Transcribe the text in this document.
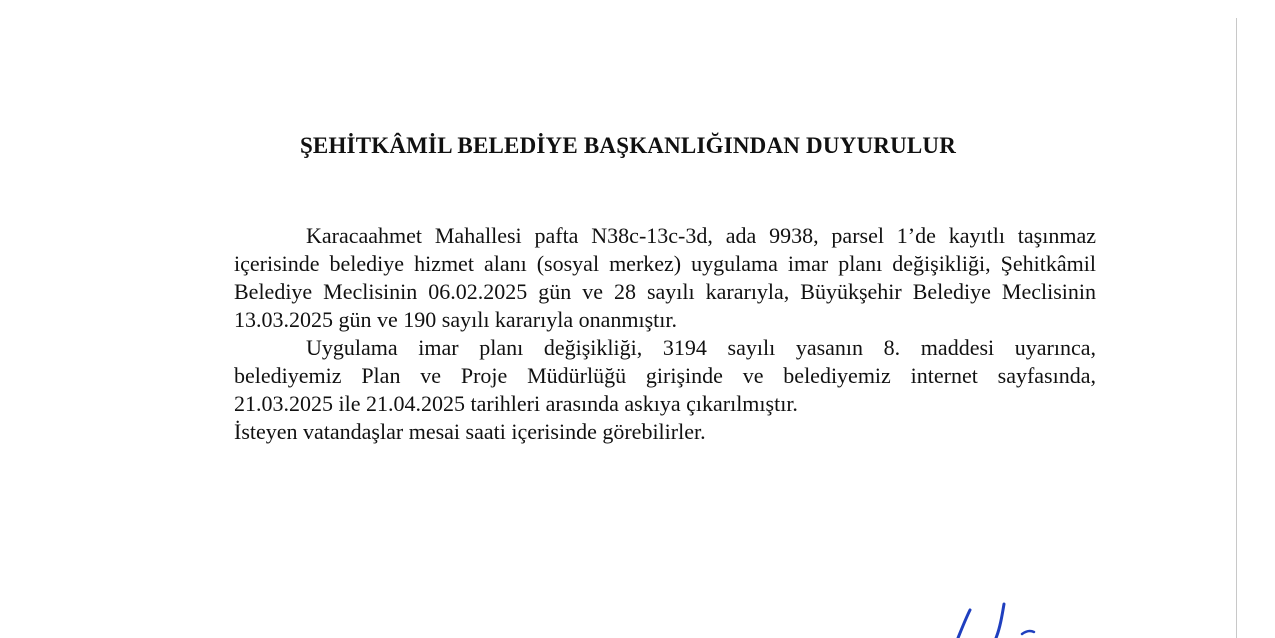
ŞEHİTKÂMİL BELEDİYE BAŞKANLIĞINDAN DUYURULUR
Karacaahmet Mahallesi pafta N38c-13c-3d, ada 9938, parsel 1’de kayıtlı taşınmaz
içerisinde belediye hizmet alanı (sosyal merkez) uygulama imar planı değişikliği, Şehitkâmil
Belediye Meclisinin 06.02.2025 gün ve 28 sayılı kararıyla, Büyükşehir Belediye Meclisinin
13.03.2025 gün ve 190 sayılı kararıyla onanmıştır.
Uygulama imar planı değişikliği, 3194 sayılı yasanın 8. maddesi uyarınca,
belediyemiz Plan ve Proje Müdürlüğü girişinde ve belediyemiz internet sayfasında,
21.03.2025 ile 21.04.2025 tarihleri arasında askıya çıkarılmıştır.

İsteyen vatandaşlar mesai saati içerisinde görebilirler.
